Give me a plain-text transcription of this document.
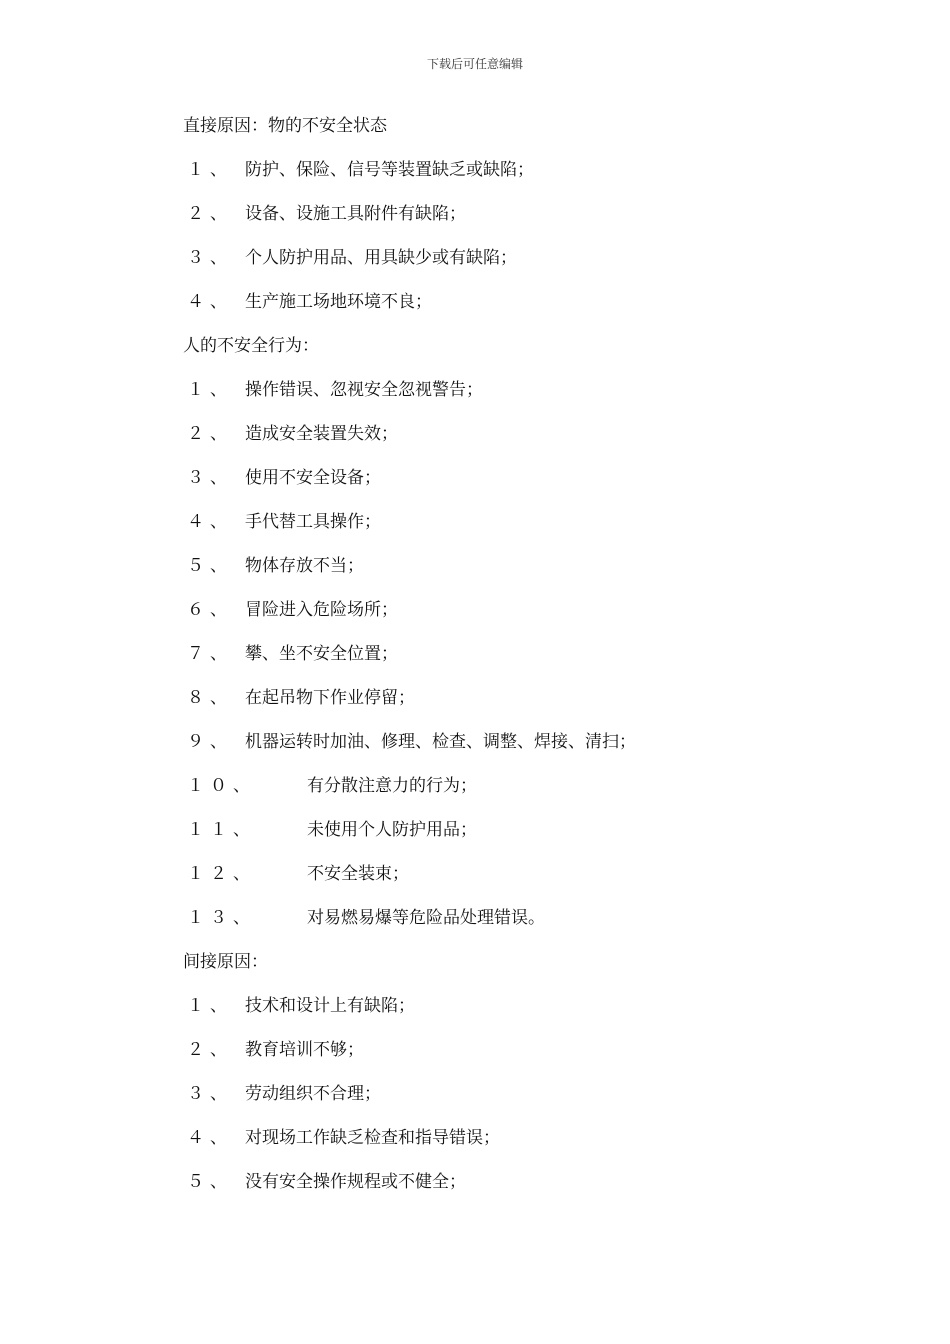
下载后可任意编辑
直接原因：物的不安全状态
１、 防护、保险、信号等装置缺乏或缺陷；
２、 设备、设施工具附件有缺陷；
３、 个人防护用品、用具缺少或有缺陷；
４、 生产施工场地环境不良；
人的不安全行为：
１、 操作错误、忽视安全忽视警告；
２、 造成安全装置失效；
３、 使用不安全设备；
４、 手代替工具操作；
５、 物体存放不当；
６、 冒险进入危险场所；
７、 攀、坐不安全位置；
８、 在起吊物下作业停留；
９、 机器运转时加油、修理、检查、调整、焊接、清扫；
１０、	有分散注意力的行为；
１１、	未使用个人防护用品；
１２、	不安全装束；
１３、	对易燃易爆等危险品处理错误。
间接原因：
１、 技术和设计上有缺陷；
２、 教育培训不够；
３、 劳动组织不合理；
４、 对现场工作缺乏检查和指导错误；
５、 没有安全操作规程或不健全；
